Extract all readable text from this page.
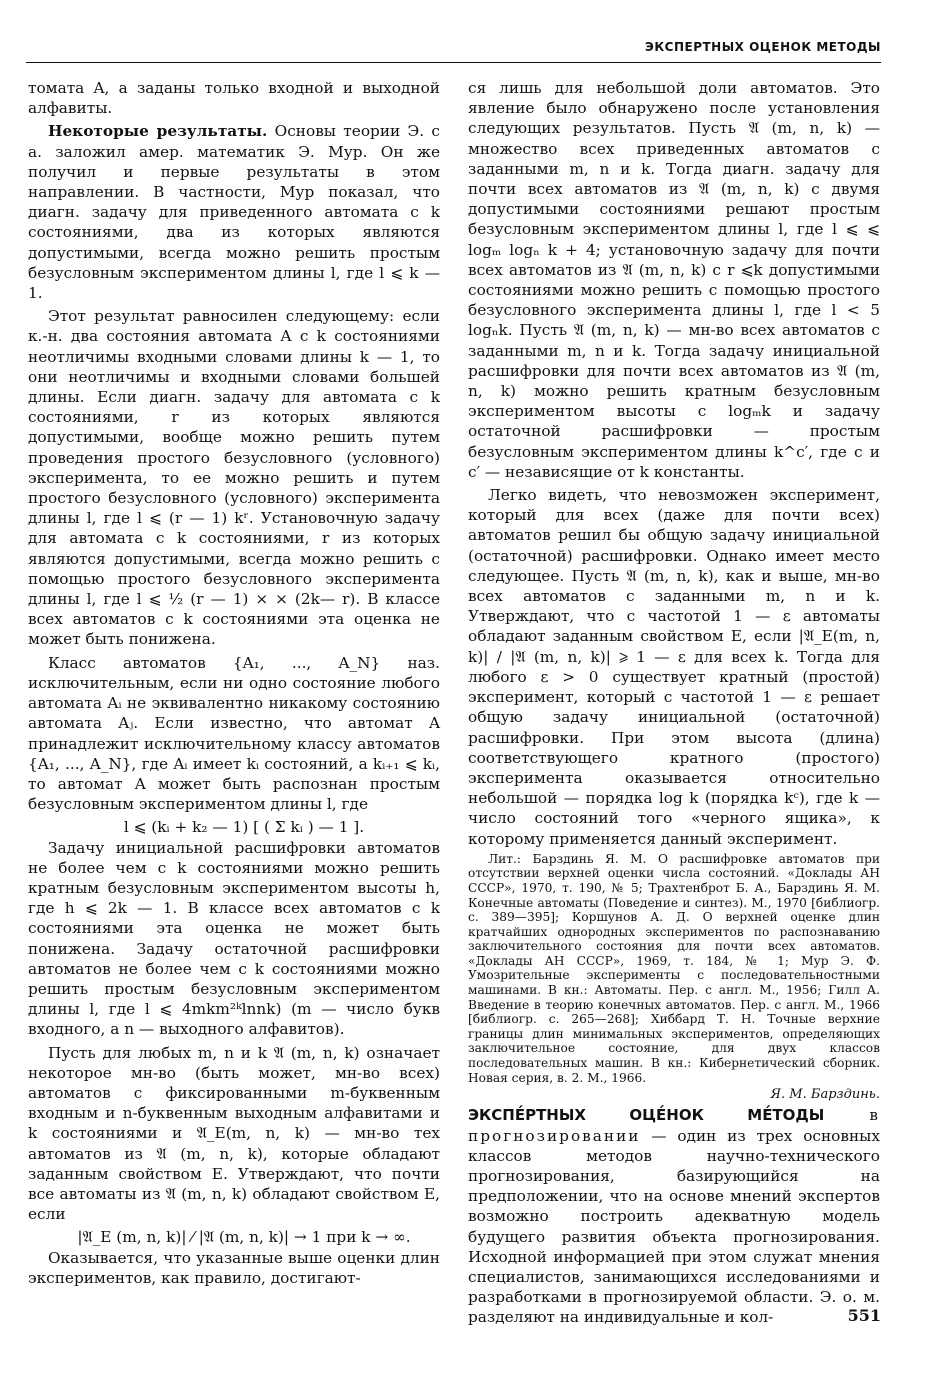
ЭКСПЕРТНЫХ ОЦЕНОК МЕТОДЫ

томата A, а заданы только входной и выходной алфавиты.

Некоторые результаты. Основы теории Э. с а. заложил амер. математик Э. Мур. Он же получил и первые результаты в этом направлении. В частности, Мур показал, что диагн. задачу для приведенного автомата с k состояниями, два из которых являются допустимыми, всегда можно решить простым безусловным экспериментом длины l, где l ⩽ k — 1.

Этот результат равносилен следующему: если к.-н. два состояния автомата A с k состояниями неотличимы входными словами длины k — 1, то они неотличимы и входными словами большей длины. Если диагн. задачу для автомата с k состояниями, r из которых являются допустимыми, вообще можно решить путем проведения простого безусловного (условного) эксперимента, то ее можно решить и путем простого безусловного (условного) эксперимента длины l, где l ⩽ (r — 1) kʳ. Установочную задачу для автомата с k состояниями, r из которых являются допустимыми, всегда можно решить с помощью простого безусловного эксперимента длины l, где l ⩽ ½ (r — 1) × × (2k— r). В классе всех автоматов с k состояниями эта оценка не может быть понижена.

Класс автоматов {A₁, ..., A_N} наз. исключительным, если ни одно состояние любого автомата Aᵢ не эквивалентно никакому состоянию автомата Aⱼ. Если известно, что автомат A принадлежит исключительному классу автоматов {A₁, ..., A_N}, где Aᵢ имеет kᵢ состояний, а kᵢ₊₁ ⩽ kᵢ, то автомат A может быть распознан простым безусловным экспериментом длины l, где

l ⩽ (kᵢ + k₂ — 1) [ ( Σ kᵢ ) — 1 ].

Задачу инициальной расшифровки автоматов не более чем с k состояниями можно решить кратным безусловным экспериментом высоты h, где h ⩽ 2k — 1. В классе всех автоматов с k состояниями эта оценка не может быть понижена. Задачу остаточной расшифровки автоматов не более чем с k состояниями можно решить простым безусловным экспериментом длины l, где l ⩽ 4mkm²ᵏlnnk) (m — число букв входного, а n — выходного алфавитов).

Пусть для любых m, n и k 𝔄 (m, n, k) означает некоторое мн-во (быть может, мн-во всех) автоматов с фиксированными m-буквенным входным и n-буквенным выходным алфавитами и k состояниями и 𝔄_E(m, n, k) — мн-во тех автоматов из 𝔄 (m, n, k), которые обладают заданным свойством E. Утверждают, что почти все автоматы из 𝔄 (m, n, k) обладают свойством E, если

|𝔄_E (m, n, k)| ⁄ |𝔄 (m, n, k)| → 1 при k → ∞.

Оказывается, что указанные выше оценки длин экспериментов, как правило, достигают-

ся лишь для небольшой доли автоматов. Это явление было обнаружено после установления следующих результатов. Пусть 𝔄 (m, n, k) — множество всех приведенных автоматов с заданными m, n и k. Тогда диагн. задачу для почти всех автоматов из 𝔄 (m, n, k) с двумя допустимыми состояниями решают простым безусловным экспериментом длины l, где l ⩽ ⩽ logₘ logₙ k + 4; установочную задачу для почти всех автоматов из 𝔄 (m, n, k) с r ⩽k допустимыми состояниями можно решить с помощью простого безусловного эксперимента длины l, где l < 5 logₙk. Пусть 𝔄 (m, n, k) — мн-во всех автоматов с заданными m, n и k. Тогда задачу инициальной расшифровки для почти всех автоматов из 𝔄 (m, n, k) можно решить кратным безусловным экспериментом высоты c logₘk и задачу остаточной расшифровки — простым безусловным экспериментом длины k^c′, где c и c′ — независящие от k константы.

Легко видеть, что невозможен эксперимент, который для всех (даже для почти всех) автоматов решил бы общую задачу инициальной (остаточной) расшифровки. Однако имеет место следующее. Пусть 𝔄 (m, n, k), как и выше, мн-во всех автоматов с заданными m, n и k. Утверждают, что с частотой 1 — ε автоматы обладают заданным свойством E, если |𝔄_E(m, n, k)| / |𝔄 (m, n, k)| ⩾ 1 — ε для всех k. Тогда для любого ε > 0 существует кратный (простой) эксперимент, который с частотой 1 — ε решает общую задачу инициальной (остаточной) расшифровки. При этом высота (длина) соответствующего кратного (простого) эксперимента оказывается относительно небольшой — порядка log k (порядка kᶜ), где k — число состояний того «черного ящика», к которому применяется данный эксперимент.

Лит.: Барздинь Я. М. О расшифровке автоматов при отсутствии верхней оценки числа состояний. «Доклады АН СССР», 1970, т. 190, № 5; Трахтенброт Б. А., Барздинь Я. М. Конечные автоматы (Поведение и синтез). М., 1970 [библиогр. с. 389—395]; Коршунов А. Д. О верхней оценке длин кратчайших однородных экспериментов по распознаванию заключительного состояния для почти всех автоматов. «Доклады АН СССР», 1969, т. 184, № 1; Мур Э. Ф. Умозрительные эксперименты с последовательностными машинами. В кн.: Автоматы. Пер. с англ. М., 1956; Гилл А. Введение в теорию конечных автоматов. Пер. с англ. М., 1966 [библиогр. с. 265—268]; Хиббард Т. Н. Точные верхние границы длин минимальных экспериментов, определяющих заключительное состояние, для двух классов последовательных машин. В кн.: Кибернетический сборник. Новая серия, в. 2. М., 1966.

Я. М. Барздинь.

ЭКСПЕ́РТНЫХ ОЦЕ́НОК МЕ́ТОДЫ в прогнозировании — один из трех основных классов методов научно-технического прогнозирования, базирующийся на предположении, что на основе мнений экспертов возможно построить адекватную модель будущего развития объекта прогнозирования. Исходной информацией при этом служат мнения специалистов, занимающихся исследованиями и разработками в прогнозируемой области. Э. о. м. разделяют на индивидуальные и кол-	551
